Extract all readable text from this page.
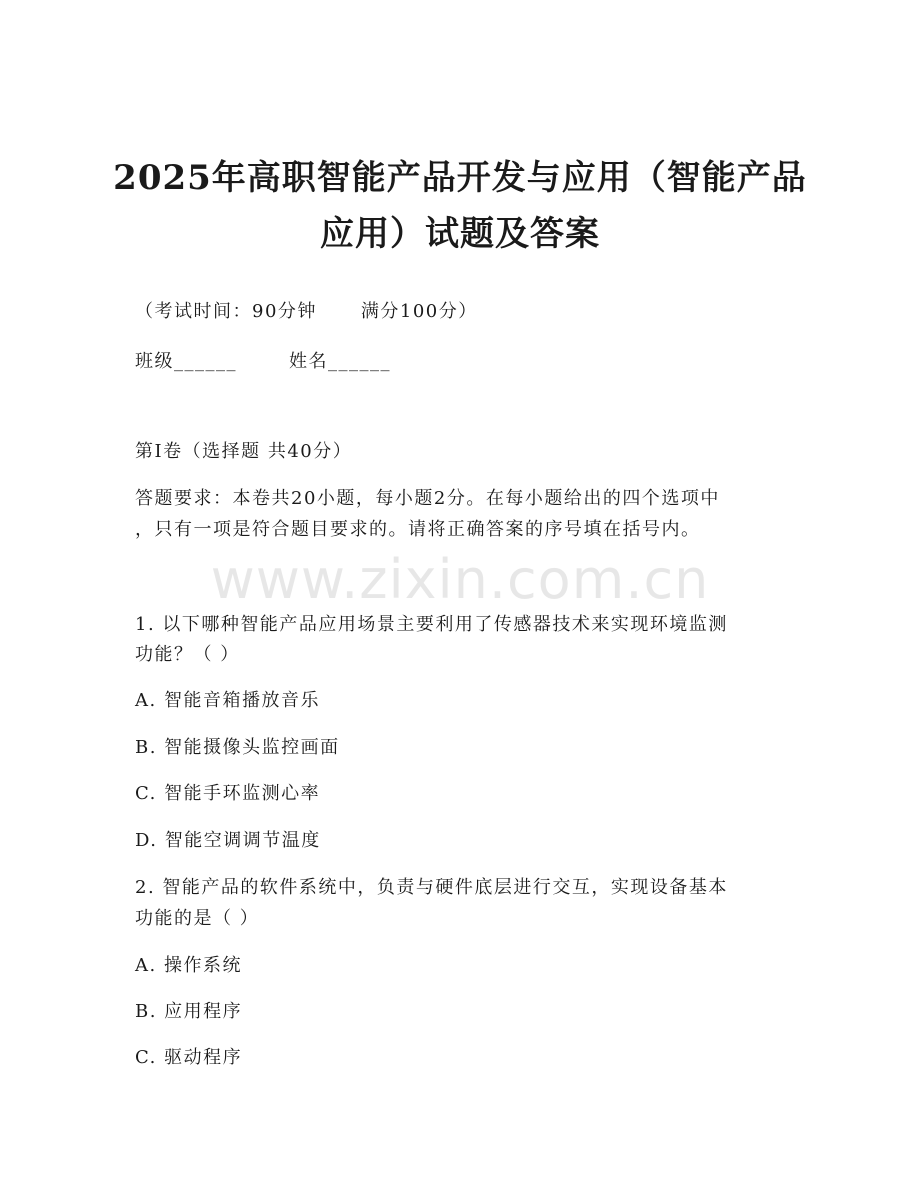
2025年高职智能产品开发与应用（智能产品
应用）试题及答案
（考试时间：90分钟 满分100分）
班级______	姓名______
第I卷（选择题 共40分）
答题要求：本卷共20小题，每小题2分。在每小题给出的四个选项中
，只有一项是符合题目要求的。请将正确答案的序号填在括号内。
www.zixin.com.cn
1. 以下哪种智能产品应用场景主要利用了传感器技术来实现环境监测
功能？（ ）
A. 智能音箱播放音乐
B. 智能摄像头监控画面
C. 智能手环监测心率
D. 智能空调调节温度
2. 智能产品的软件系统中，负责与硬件底层进行交互，实现设备基本
功能的是（ ）
A. 操作系统
B. 应用程序
C. 驱动程序
